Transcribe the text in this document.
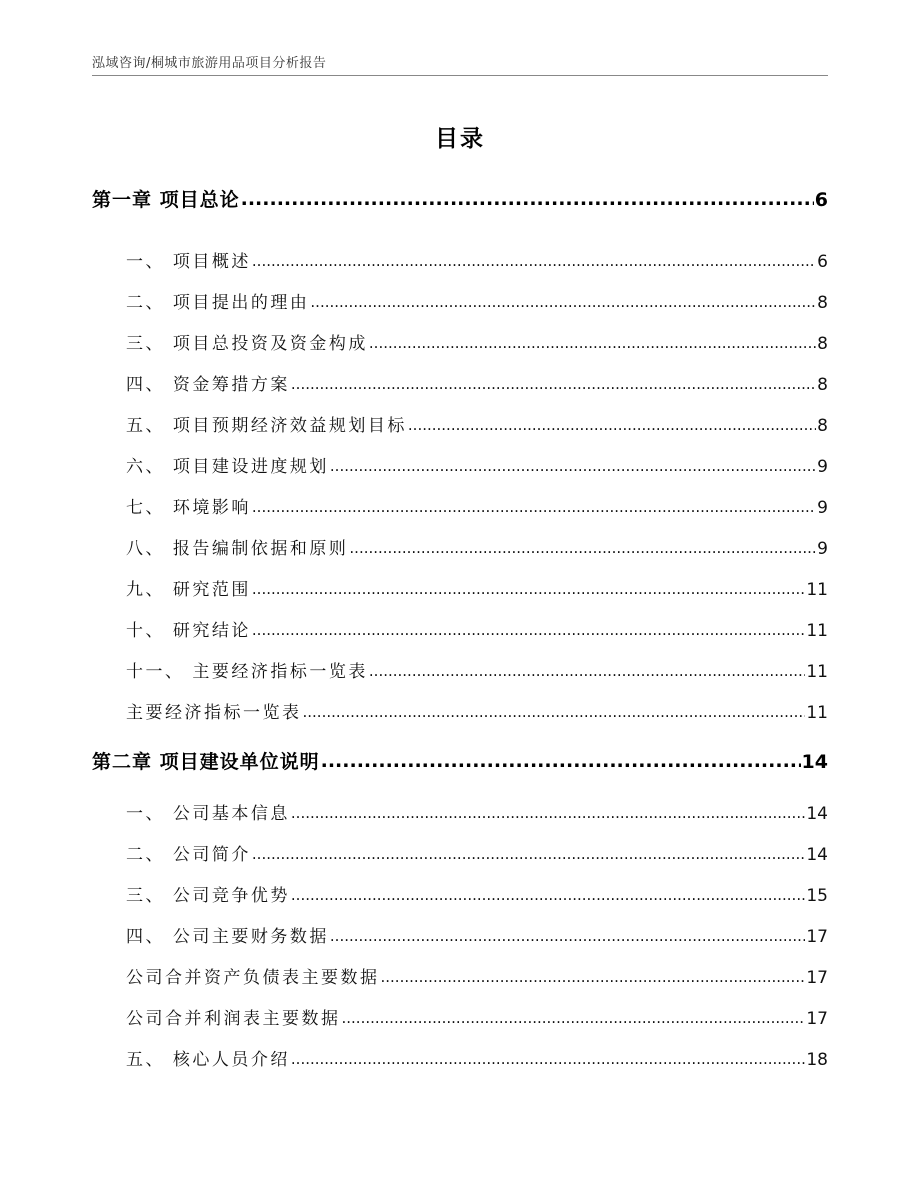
泓域咨询/桐城市旅游用品项目分析报告
目录
第一章 项目总论 .....	6
一、 项目概述 .....	6
二、 项目提出的理由 .....	8
三、 项目总投资及资金构成 .....	8
四、 资金筹措方案 .....	8
五、 项目预期经济效益规划目标 .....	8
六、 项目建设进度规划 .....	9
七、 环境影响 .....	9
八、 报告编制依据和原则 .....	9
九、 研究范围 .....	11
十、 研究结论 .....	11
十一、 主要经济指标一览表 .....	11
主要经济指标一览表 .....	11
第二章 项目建设单位说明 .....	14
一、 公司基本信息 .....	14
二、 公司简介 .....	14
三、 公司竞争优势 .....	15
四、 公司主要财务数据 .....	17
公司合并资产负债表主要数据 .....	17
公司合并利润表主要数据 .....	17
五、 核心人员介绍 .....	18
